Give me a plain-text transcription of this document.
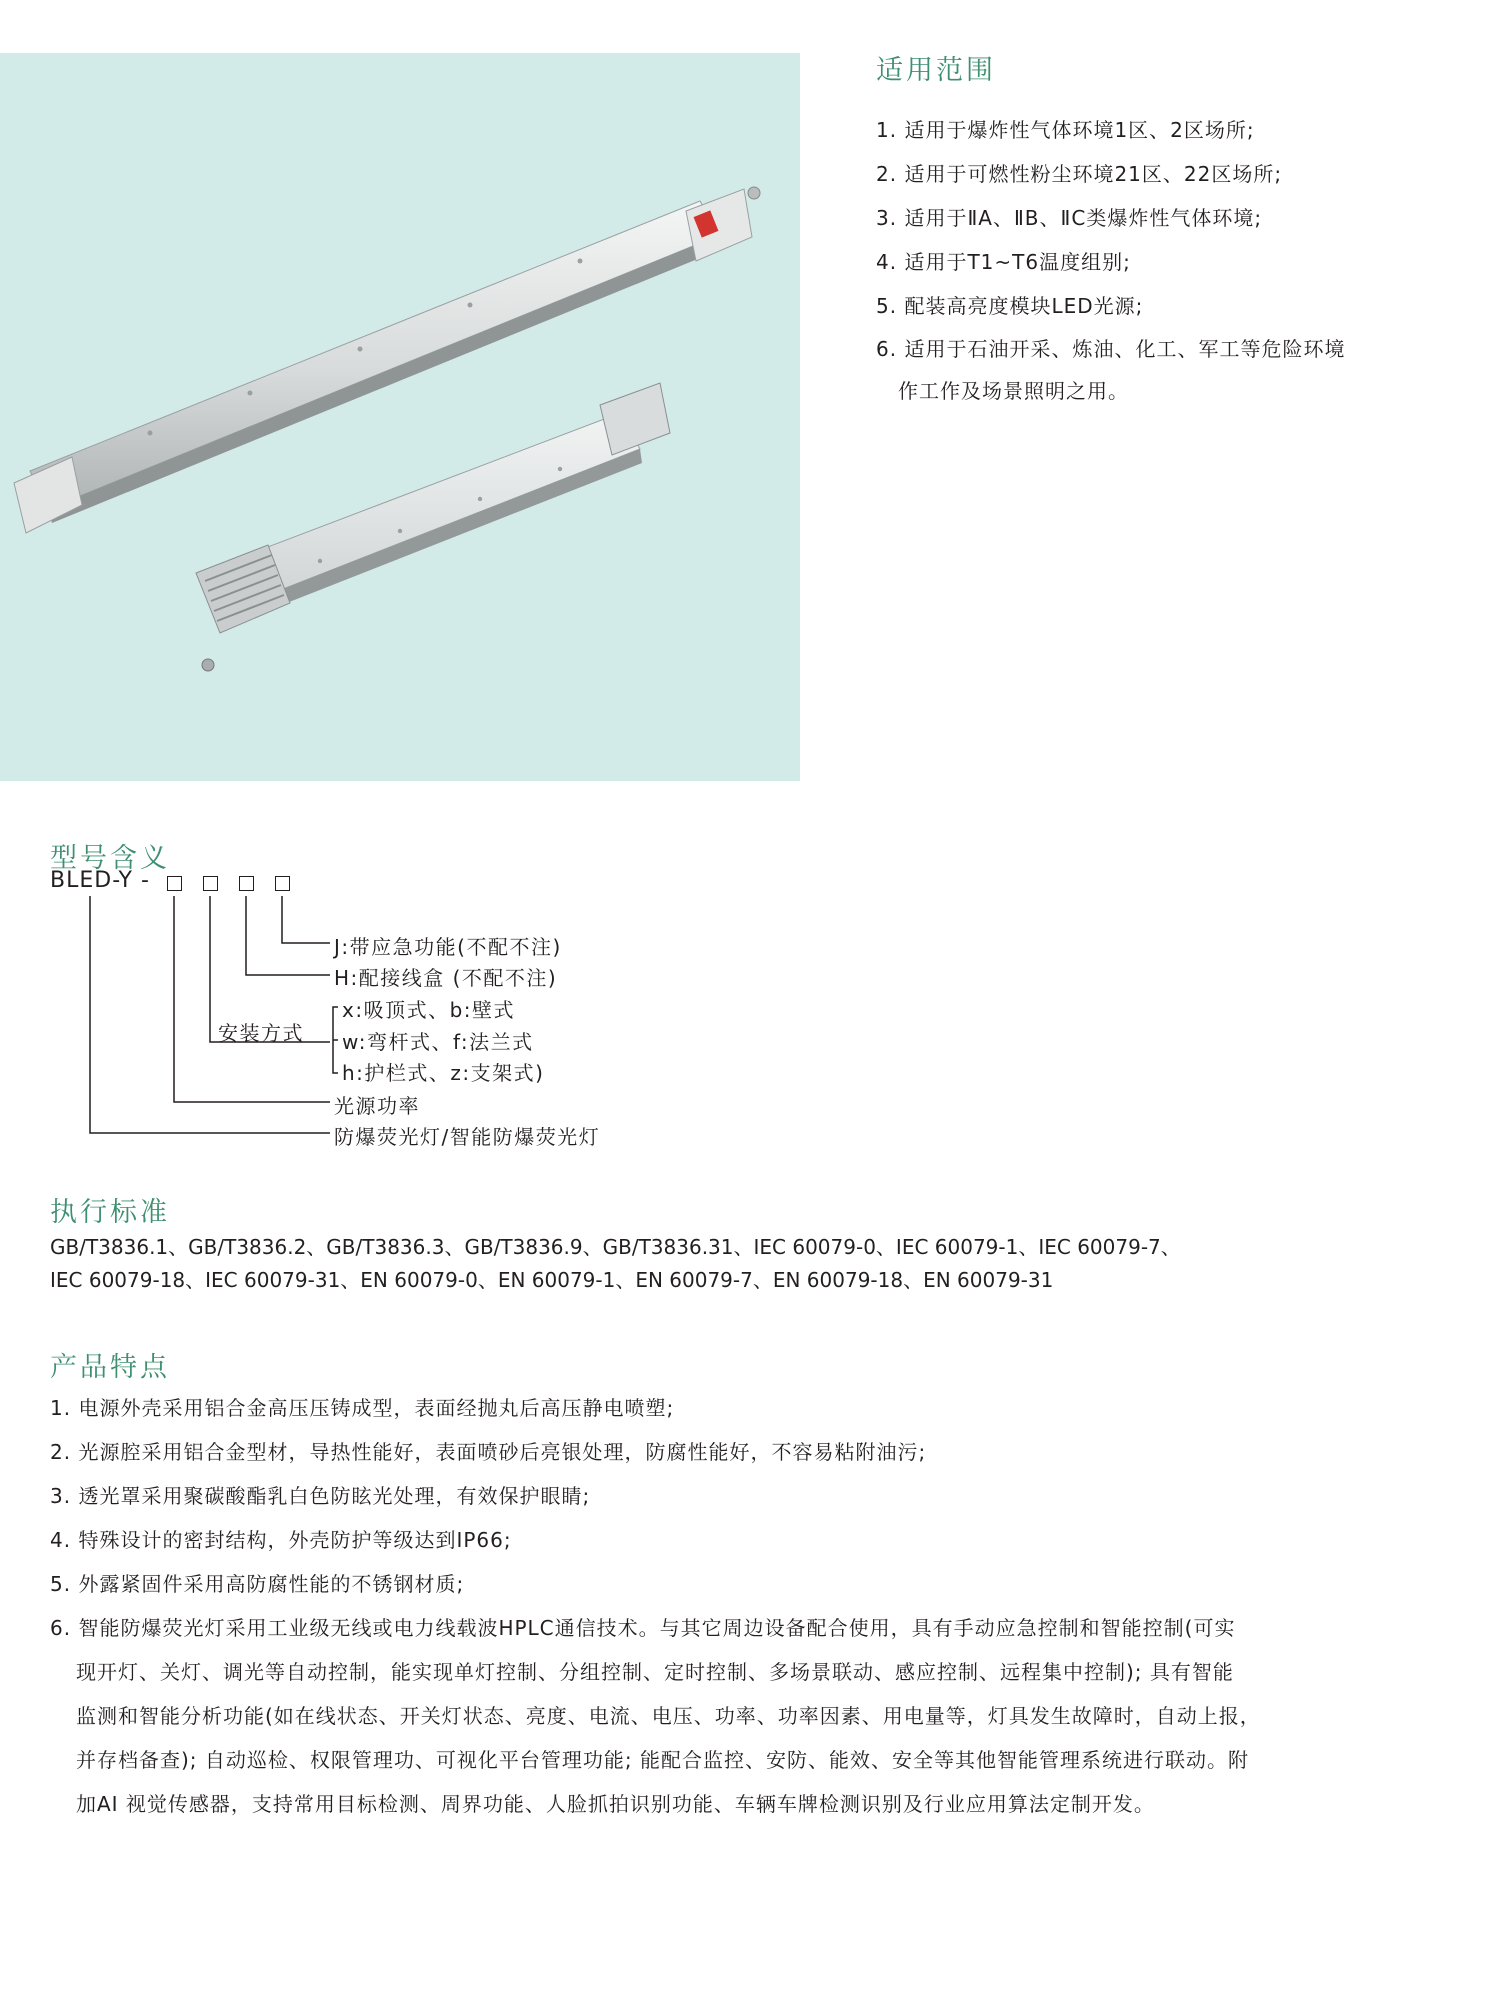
适用范围
1. 适用于爆炸性气体环境1区、2区场所;
2. 适用于可燃性粉尘环境21区、22区场所;
3. 适用于ⅡA、ⅡB、ⅡC类爆炸性气体环境;
4. 适用于T1~T6温度组别;
5. 配装高亮度模块LED光源;
6. 适用于石油开采、炼油、化工、军工等危险环境
作工作及场景照明之用。
型号含义
BLED-Y -
J:带应急功能(不配不注)
H:配接线盒 (不配不注)
安装方式
x:吸顶式、b:壁式
w:弯杆式、f:法兰式
h:护栏式、z:支架式)
光源功率
防爆荧光灯/智能防爆荧光灯
执行标准
GB/T3836.1、GB/T3836.2、GB/T3836.3、GB/T3836.9、GB/T3836.31、IEC 60079-0、IEC 60079-1、IEC 60079-7、
IEC 60079-18、IEC 60079-31、EN 60079-0、EN 60079-1、EN 60079-7、EN 60079-18、EN 60079-31
产品特点
1. 电源外壳采用铝合金高压压铸成型，表面经抛丸后高压静电喷塑;
2. 光源腔采用铝合金型材，导热性能好，表面喷砂后亮银处理，防腐性能好，不容易粘附油污;
3. 透光罩采用聚碳酸酯乳白色防眩光处理，有效保护眼睛;
4. 特殊设计的密封结构，外壳防护等级达到IP66;
5. 外露紧固件采用高防腐性能的不锈钢材质;
6. 智能防爆荧光灯采用工业级无线或电力线载波HPLC通信技术。与其它周边设备配合使用，具有手动应急控制和智能控制(可实
现开灯、关灯、调光等自动控制，能实现单灯控制、分组控制、定时控制、多场景联动、感应控制、远程集中控制); 具有智能
监测和智能分析功能(如在线状态、开关灯状态、亮度、电流、电压、功率、功率因素、用电量等，灯具发生故障时，自动上报，
并存档备查); 自动巡检、权限管理功、可视化平台管理功能; 能配合监控、安防、能效、安全等其他智能管理系统进行联动。附
加AI 视觉传感器，支持常用目标检测、周界功能、人脸抓拍识别功能、车辆车牌检测识别及行业应用算法定制开发。
